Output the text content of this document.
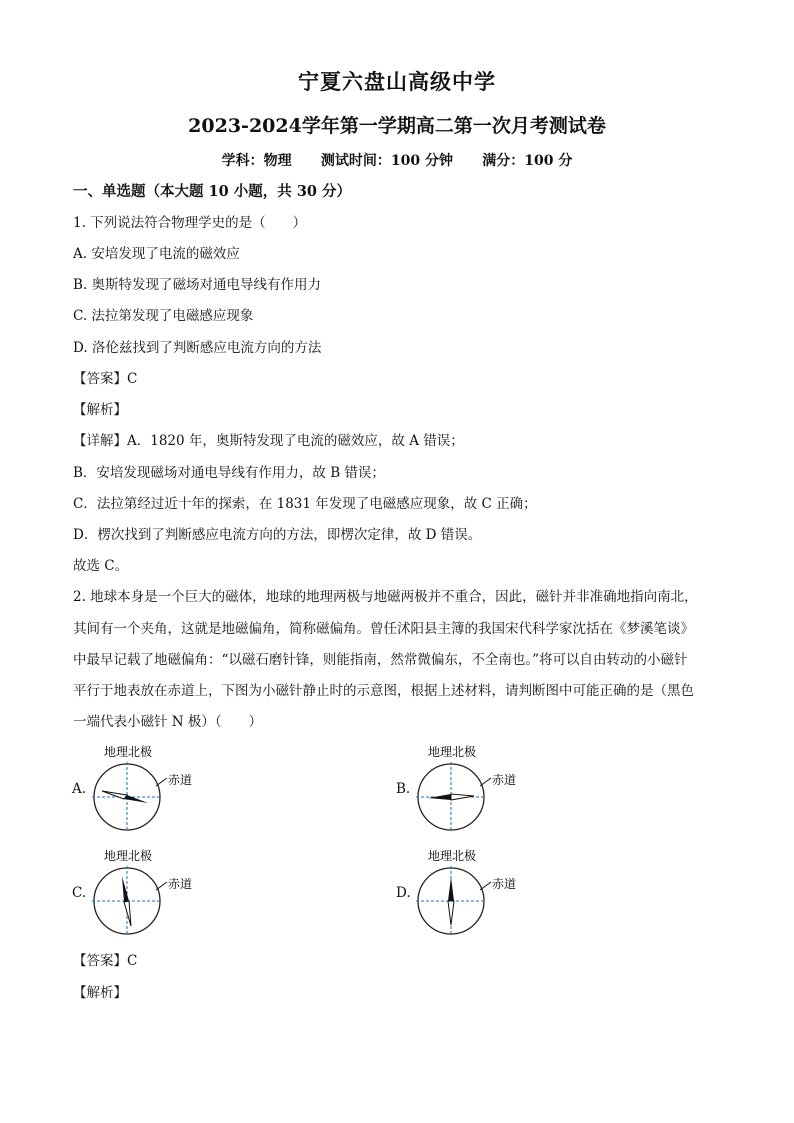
宁夏六盘山高级中学
2023-2024学年第一学期高二第一次月考测试卷
学科：物理      测试时间：100 分钟      满分：100 分
一、单选题（本大题 10 小题，共 30 分）
1. 下列说法符合物理学史的是（　　）
A. 安培发现了电流的磁效应
B. 奥斯特发现了磁场对通电导线有作用力
C. 法拉第发现了电磁感应现象
D. 洛伦兹找到了判断感应电流方向的方法
【答案】C
【解析】
【详解】A．1820 年，奥斯特发现了电流的磁效应，故 A 错误；
B．安培发现磁场对通电导线有作用力，故 B 错误；
C．法拉第经过近十年的探索，在 1831 年发现了电磁感应现象，故 C 正确；
D．楞次找到了判断感应电流方向的方法，即楞次定律，故 D 错误。
故选 C。
2. 地球本身是一个巨大的磁体，地球的地理两极与地磁两极并不重合，因此，磁针并非准确地指向南北，
其间有一个夹角，这就是地磁偏角，简称磁偏角。曾任沭阳县主簿的我国宋代科学家沈括在《梦溪笔谈》
中最早记载了地磁偏角：“以磁石磨针锋，则能指南，然常微偏东，不全南也。”将可以自由转动的小磁针
平行于地表放在赤道上，下图为小磁针静止时的示意图，根据上述材料，请判断图中可能正确的是（黑色
一端代表小磁针 N 极）（　　）
A.
地理北极
赤道
B.
地理北极
赤道
C.
地理北极
赤道
D.
地理北极
赤道
【答案】C
【解析】
